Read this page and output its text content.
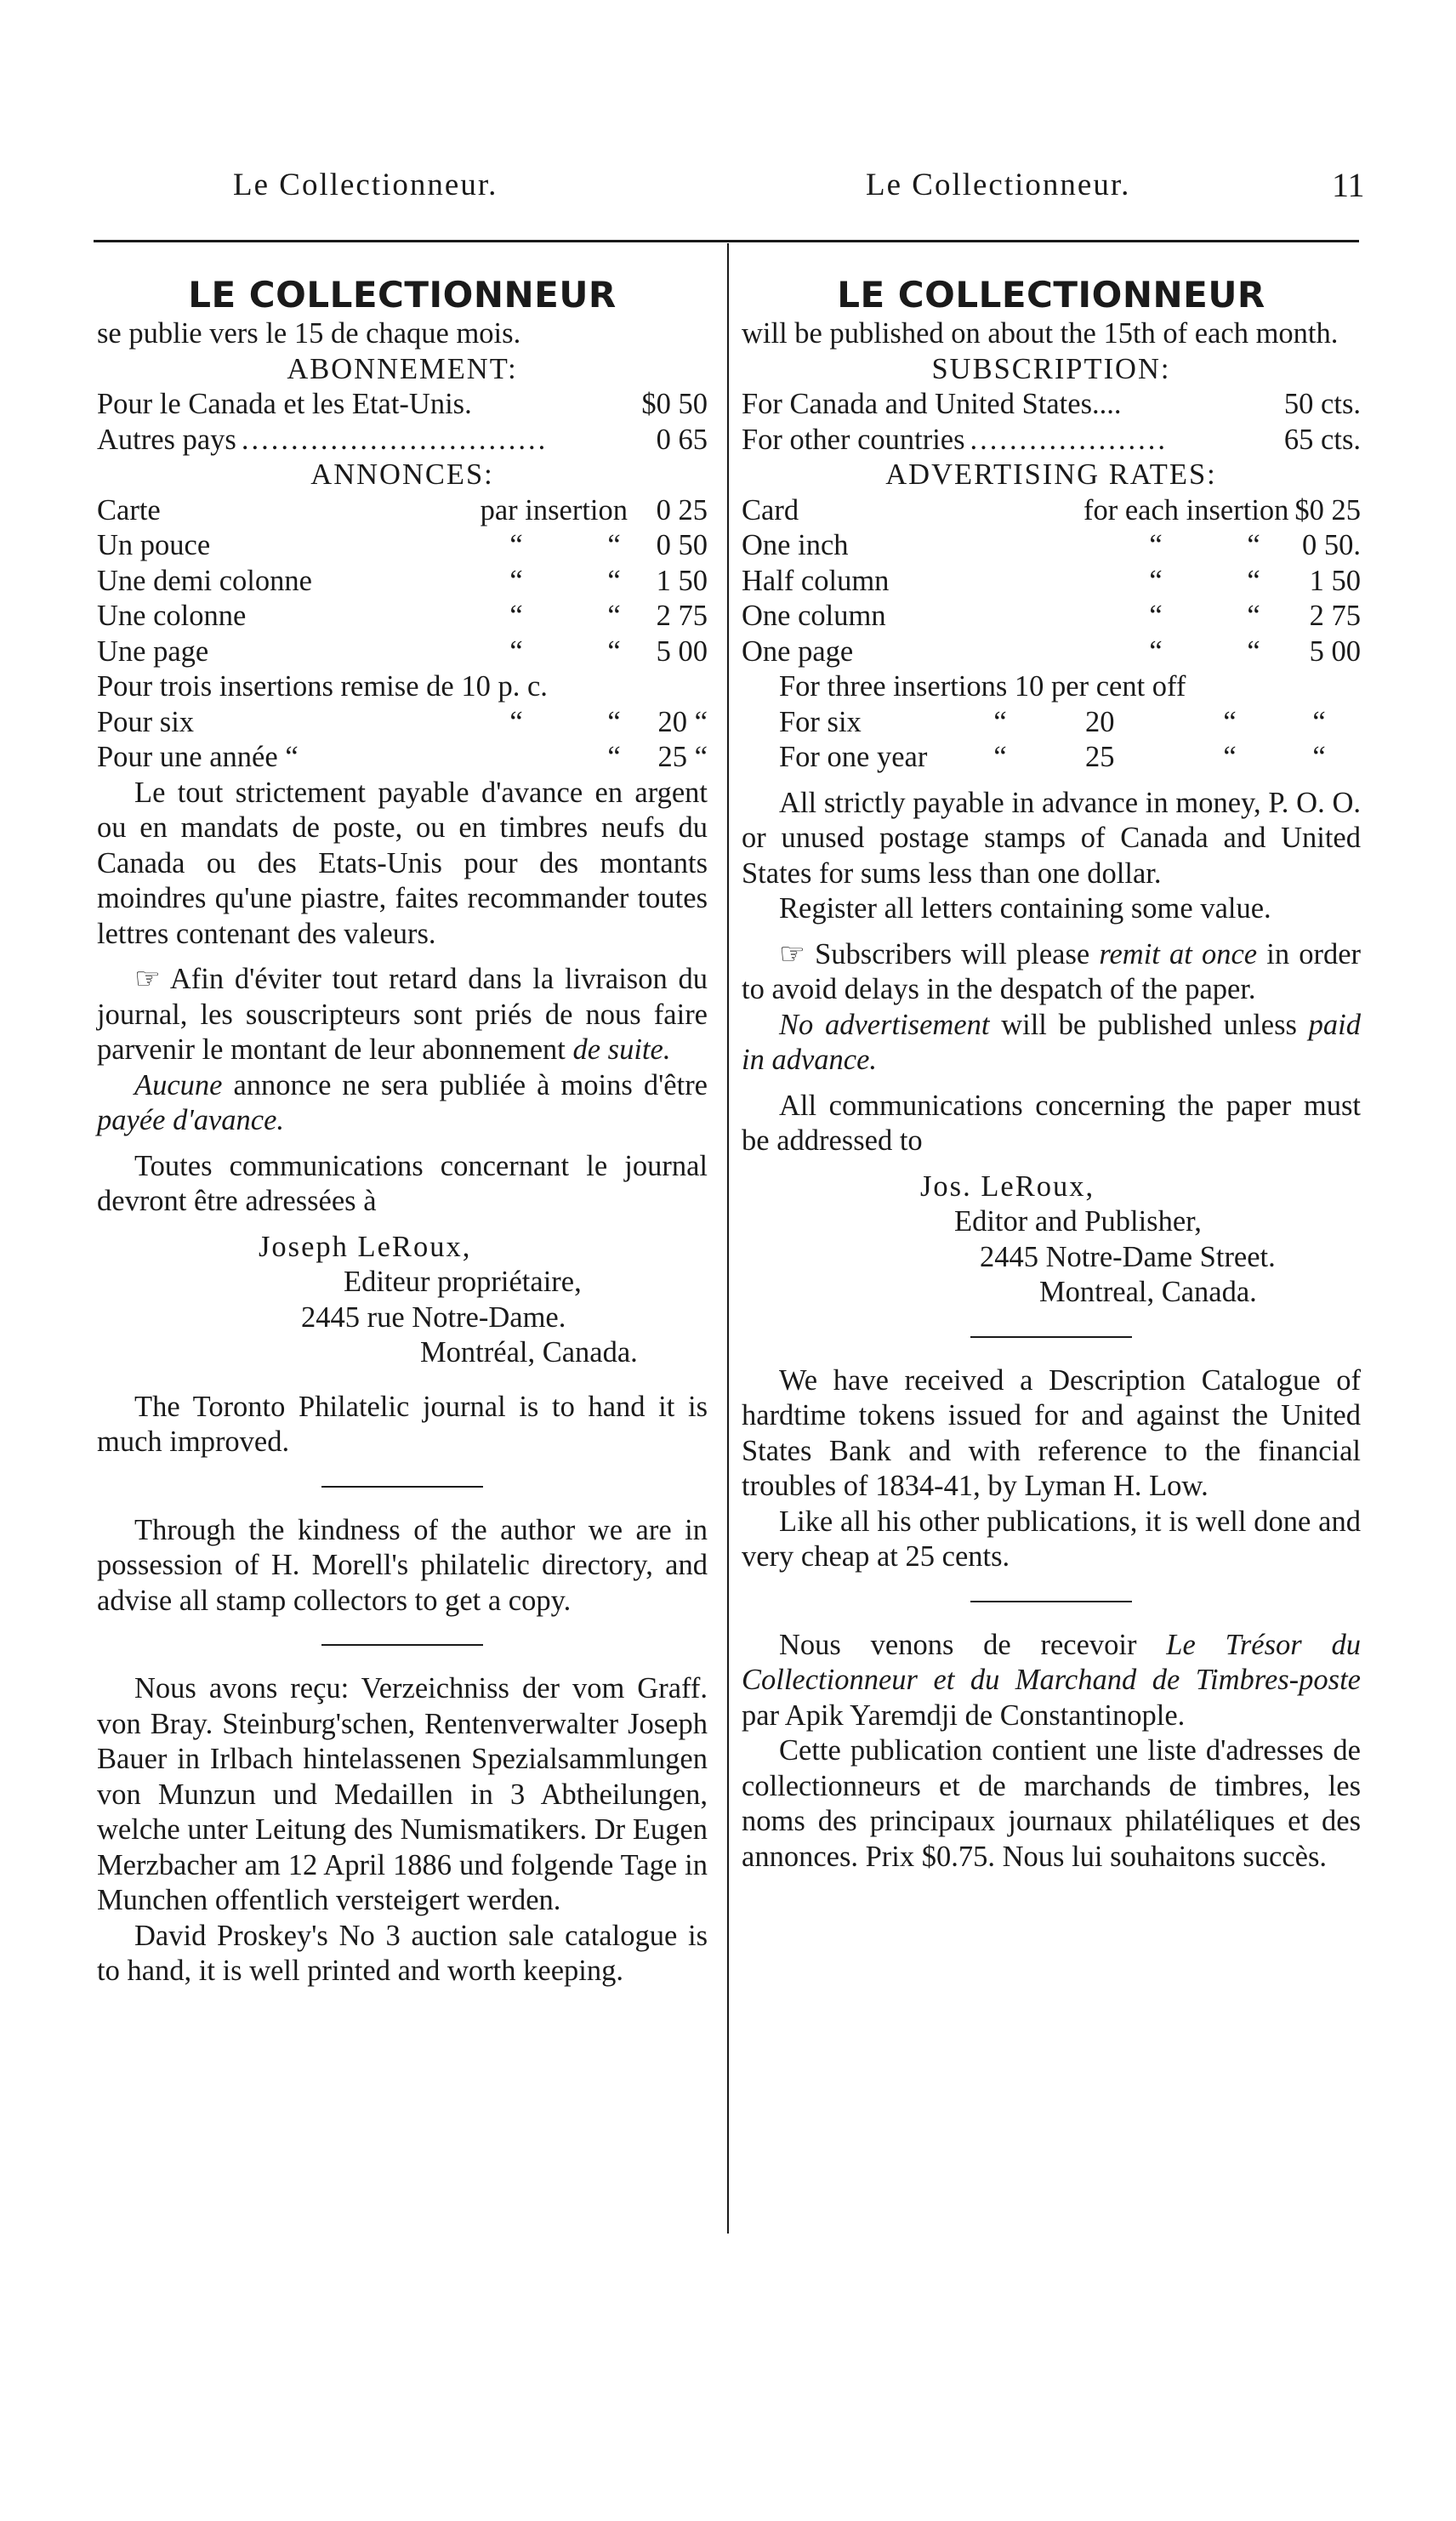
Le Collectionneur.	Le Collectionneur.	11
LE COLLECTIONNEUR
se publie vers le 15 de chaque mois.
ABONNEMENT:
Pour le Canada et les Etat-Unis.	$0 50
Autres pays ...............................	0 65
ANNONCES:
Carte	par insertion 0 25
Un pouce	“	“	0 50
Une demi colonne	“	“	1 50
Une colonne	“	“	2 75
Une page	“	“	5 00
Pour trois insertions remise de 10 p. c.
Pour six	“	“	20 “
Pour une année “	“	25 “
Le tout strictement payable d'avance en argent ou en mandats de poste, ou en timbres neufs du Canada ou des Etats-Unis pour des montants moindres qu'une piastre, faites recommander toutes lettres contenant des valeurs.
☞ Afin d'éviter tout retard dans la livraison du journal, les souscripteurs sont priés de nous faire parvenir le montant de leur abonnement de suite.
Aucune annonce ne sera publiée à moins d'être payée d'avance.
Toutes communications concernant le journal devront être adressées à
Joseph LeRoux,
Editeur propriétaire,
2445 rue Notre-Dame.
Montréal, Canada.
The Toronto Philatelic journal is to hand it is much improved.
Through the kindness of the author we are in possession of H. Morell's philatelic directory, and advise all stamp collectors to get a copy.
Nous avons reçu: Verzeichniss der vom Graff. von Bray. Steinburg'schen, Rentenverwalter Joseph Bauer in Irlbach hintelassenen Spezialsammlungen von Munzun und Medaillen in 3 Abtheilungen, welche unter Leitung des Numismatikers. Dr Eugen Merzbacher am 12 April 1886 und folgende Tage in Munchen offentlich versteigert werden.
David Proskey's No 3 auction sale catalogue is to hand, it is well printed and worth keeping.
LE COLLECTIONNEUR
will be published on about the 15th of each month.
SUBSCRIPTION:
For Canada and United States....	50 cts.
For other countries ....................	65 cts.
ADVERTISING RATES:
Card	for each insertion $0 25
One inch	“	“	0 50.
Half column	“	“	1 50
One column	“	“	2 75
One page	“	“	5 00
For three insertions 10 per cent off
For six	“	20	“	“
For one year	“	25	“	“
All strictly payable in advance in money, P. O. O. or unused postage stamps of Canada and United States for sums less than one dollar.
Register all letters containing some value.
☞ Subscribers will please remit at once in order to avoid delays in the despatch of the paper.
No advertisement will be published unless paid in advance.
All communications concerning the paper must be addressed to
Jos. LeRoux,
Editor and Publisher,
2445 Notre-Dame Street.
Montreal, Canada.
We have received a Description Catalogue of hardtime tokens issued for and against the United States Bank and with reference to the financial troubles of 1834-41, by Lyman H. Low.
Like all his other publications, it is well done and very cheap at 25 cents.
Nous venons de recevoir Le Trésor du Collectionneur et du Marchand de Timbres-poste par Apik Yaremdji de Constantinople.
Cette publication contient une liste d'adresses de collectionneurs et de marchands de timbres, les noms des principaux journaux philatéliques et des annonces. Prix $0.75. Nous lui souhaitons succès.
